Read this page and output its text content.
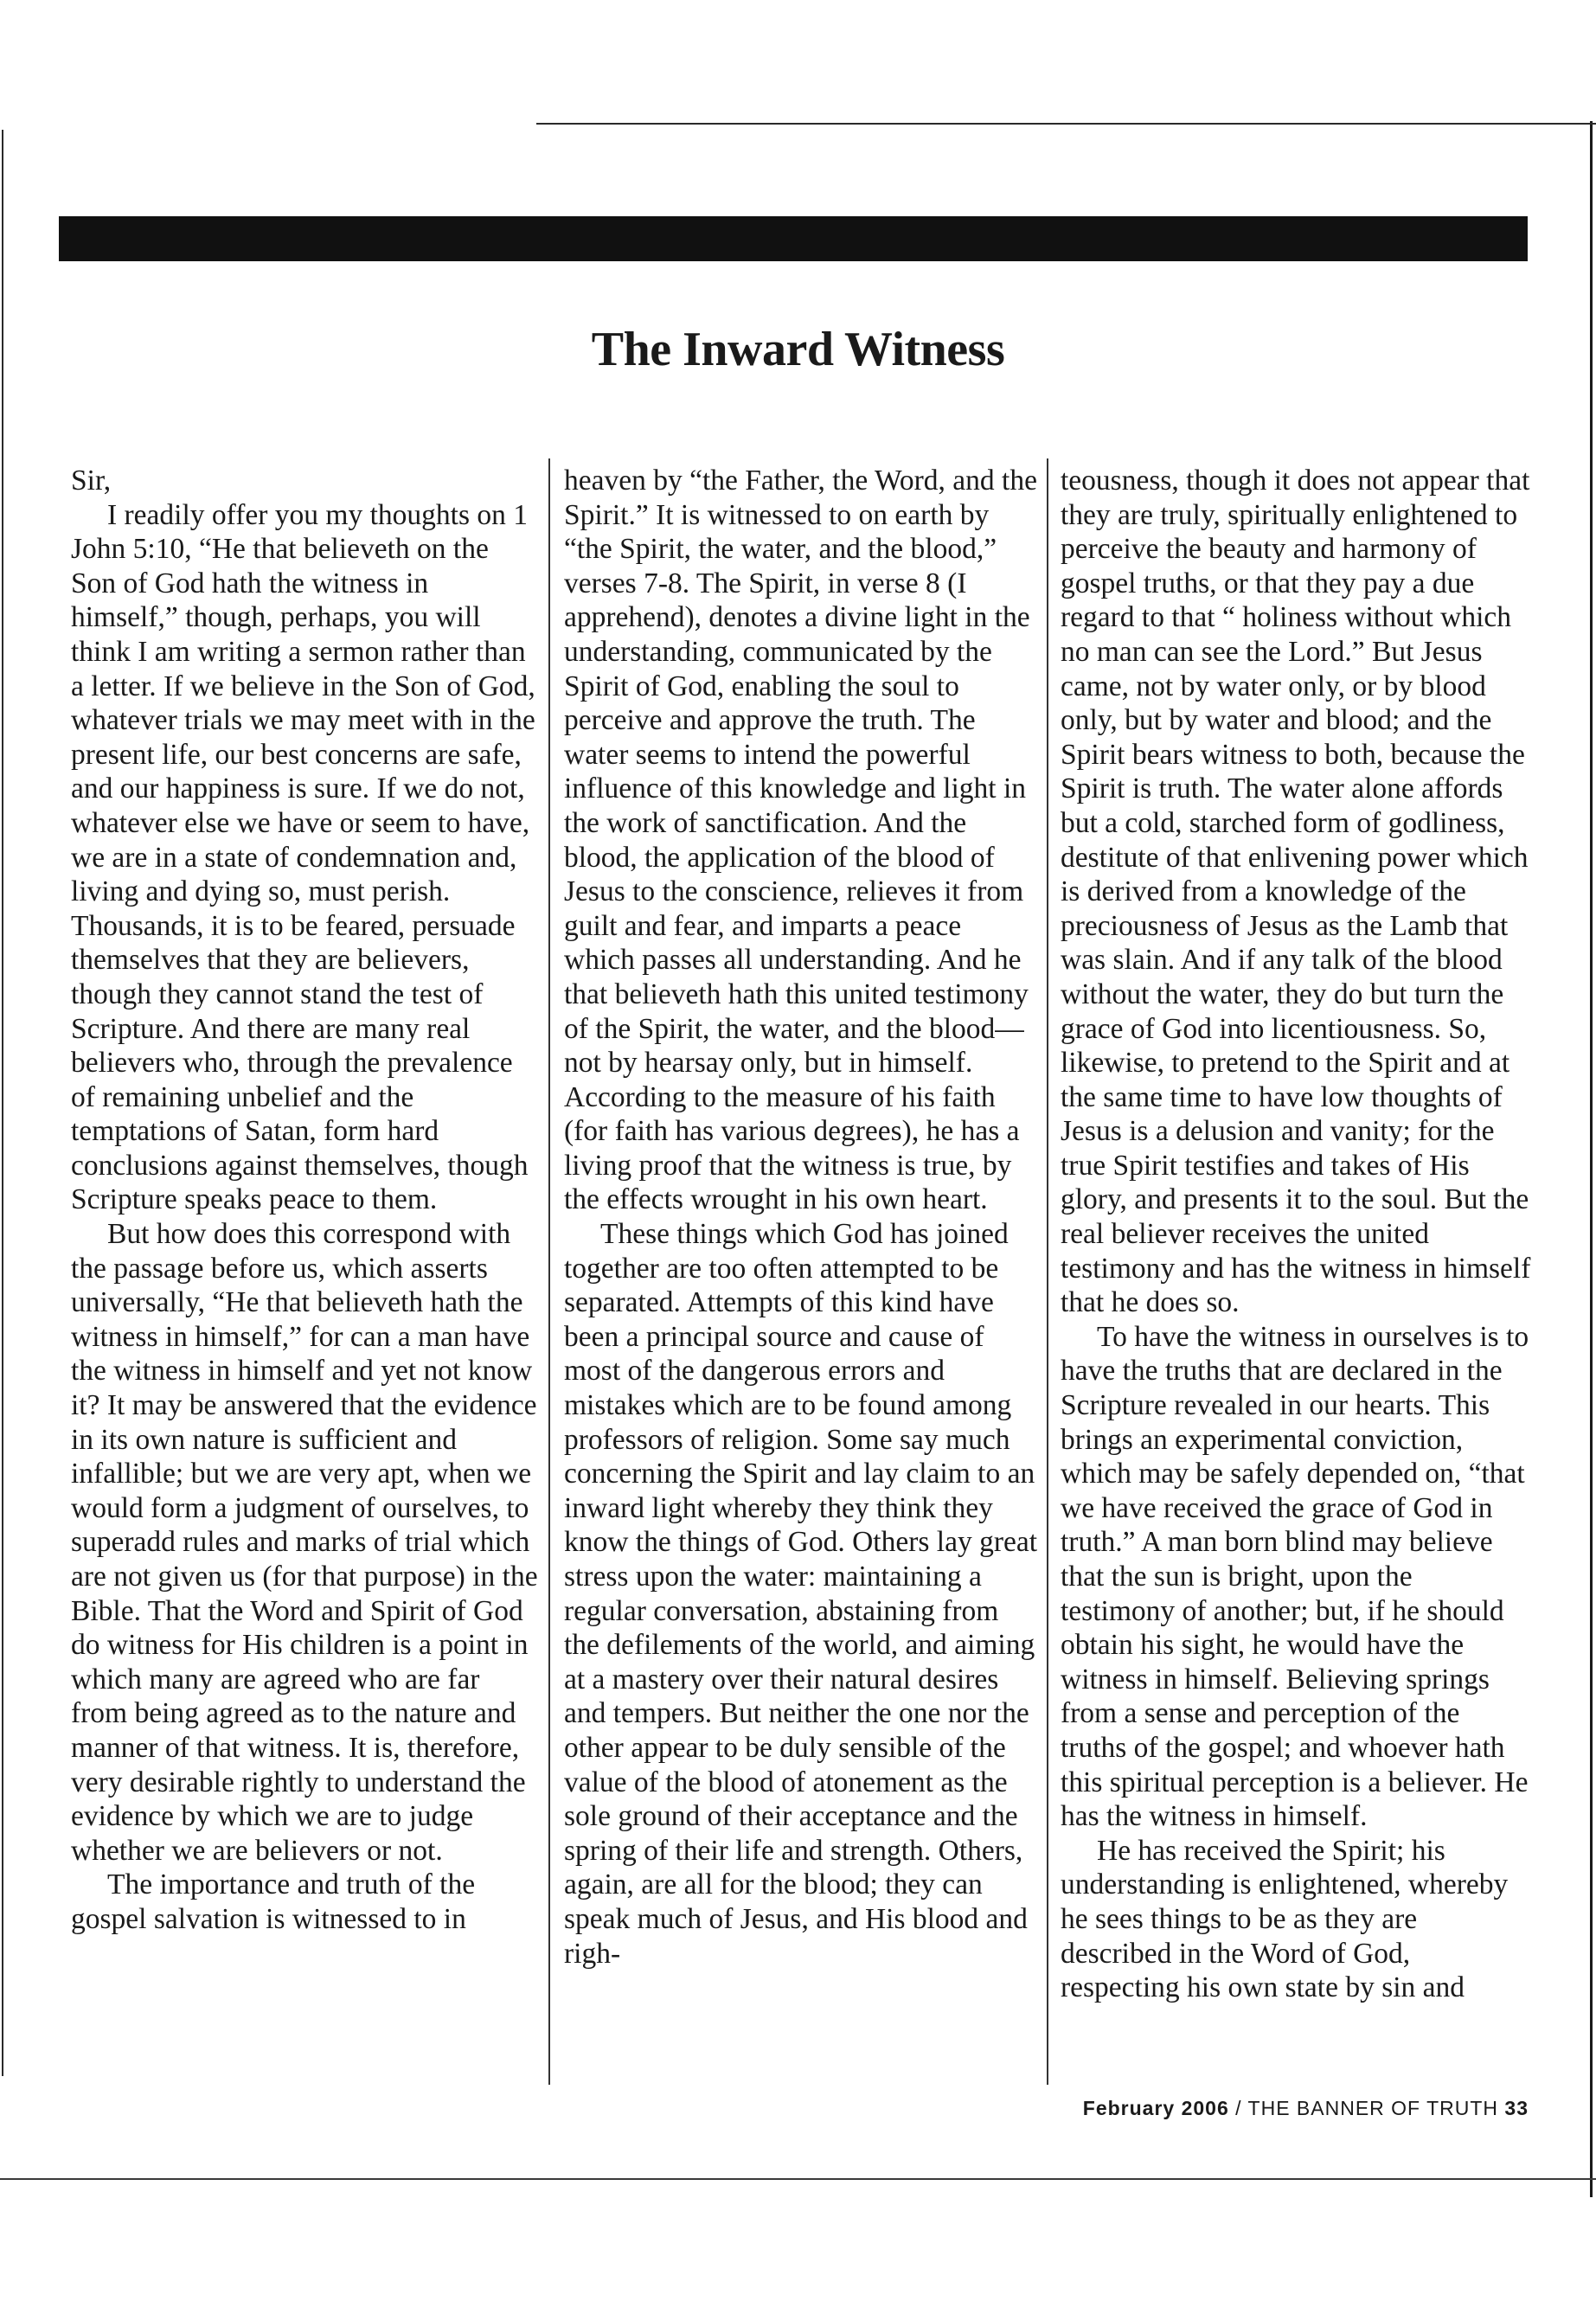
The Inward Witness

Sir,

I readily offer you my thoughts on 1 John 5:10, “He that believeth on the Son of God hath the witness in himself,” though, perhaps, you will think I am writing a sermon rather than a letter. If we believe in the Son of God, whatever trials we may meet with in the present life, our best concerns are safe, and our happiness is sure. If we do not, whatever else we have or seem to have, we are in a state of condemnation and, living and dying so, must perish. Thousands, it is to be feared, persuade themselves that they are believers, though they cannot stand the test of Scripture. And there are many real believers who, through the prevalence of remaining unbelief and the temptations of Satan, form hard conclusions against themselves, though Scripture speaks peace to them.

But how does this correspond with the passage before us, which asserts universally, “He that believeth hath the witness in himself,” for can a man have the witness in himself and yet not know it? It may be answered that the evidence in its own nature is sufficient and infallible; but we are very apt, when we would form a judgment of ourselves, to superadd rules and marks of trial which are not given us (for that purpose) in the Bible. That the Word and Spirit of God do witness for His children is a point in which many are agreed who are far from being agreed as to the nature and manner of that witness. It is, therefore, very desirable rightly to understand the evidence by which we are to judge whether we are believers or not.

The importance and truth of the gospel salvation is witnessed to in

heaven by “the Father, the Word, and the Spirit.” It is witnessed to on earth by “the Spirit, the water, and the blood,” verses 7-8. The Spirit, in verse 8 (I apprehend), denotes a divine light in the understanding, communicated by the Spirit of God, enabling the soul to perceive and approve the truth. The water seems to intend the powerful influence of this knowledge and light in the work of sanctification. And the blood, the application of the blood of Jesus to the conscience, relieves it from guilt and fear, and imparts a peace which passes all understanding. And he that believeth hath this united testimony of the Spirit, the water, and the blood—not by hearsay only, but in himself. According to the measure of his faith (for faith has various degrees), he has a living proof that the witness is true, by the effects wrought in his own heart.

These things which God has joined together are too often attempted to be separated. Attempts of this kind have been a principal source and cause of most of the dangerous errors and mistakes which are to be found among professors of religion. Some say much concerning the Spirit and lay claim to an inward light whereby they think they know the things of God. Others lay great stress upon the water: maintaining a regular conversation, abstaining from the defilements of the world, and aiming at a mastery over their natural desires and tempers. But neither the one nor the other appear to be duly sensible of the value of the blood of atonement as the sole ground of their acceptance and the spring of their life and strength. Others, again, are all for the blood; they can speak much of Jesus, and His blood and righ-

teousness, though it does not appear that they are truly, spiritually enlightened to perceive the beauty and harmony of gospel truths, or that they pay a due regard to that “ holiness without which no man can see the Lord.” But Jesus came, not by water only, or by blood only, but by water and blood; and the Spirit bears witness to both, because the Spirit is truth. The water alone affords but a cold, starched form of godliness, destitute of that enlivening power which is derived from a knowledge of the preciousness of Jesus as the Lamb that was slain. And if any talk of the blood without the water, they do but turn the grace of God into licentiousness. So, likewise, to pretend to the Spirit and at the same time to have low thoughts of Jesus is a delusion and vanity; for the true Spirit testifies and takes of His glory, and presents it to the soul. But the real believer receives the united testimony and has the witness in himself that he does so.

To have the witness in ourselves is to have the truths that are declared in the Scripture revealed in our hearts. This brings an experimental conviction, which may be safely depended on, “that we have received the grace of God in truth.” A man born blind may believe that the sun is bright, upon the testimony of another; but, if he should obtain his sight, he would have the witness in himself. Believing springs from a sense and perception of the truths of the gospel; and whoever hath this spiritual perception is a believer. He has the witness in himself.

He has received the Spirit; his understanding is enlightened, whereby he sees things to be as they are described in the Word of God, respecting his own state by sin and

February 2006 / THE BANNER OF TRUTH 33
